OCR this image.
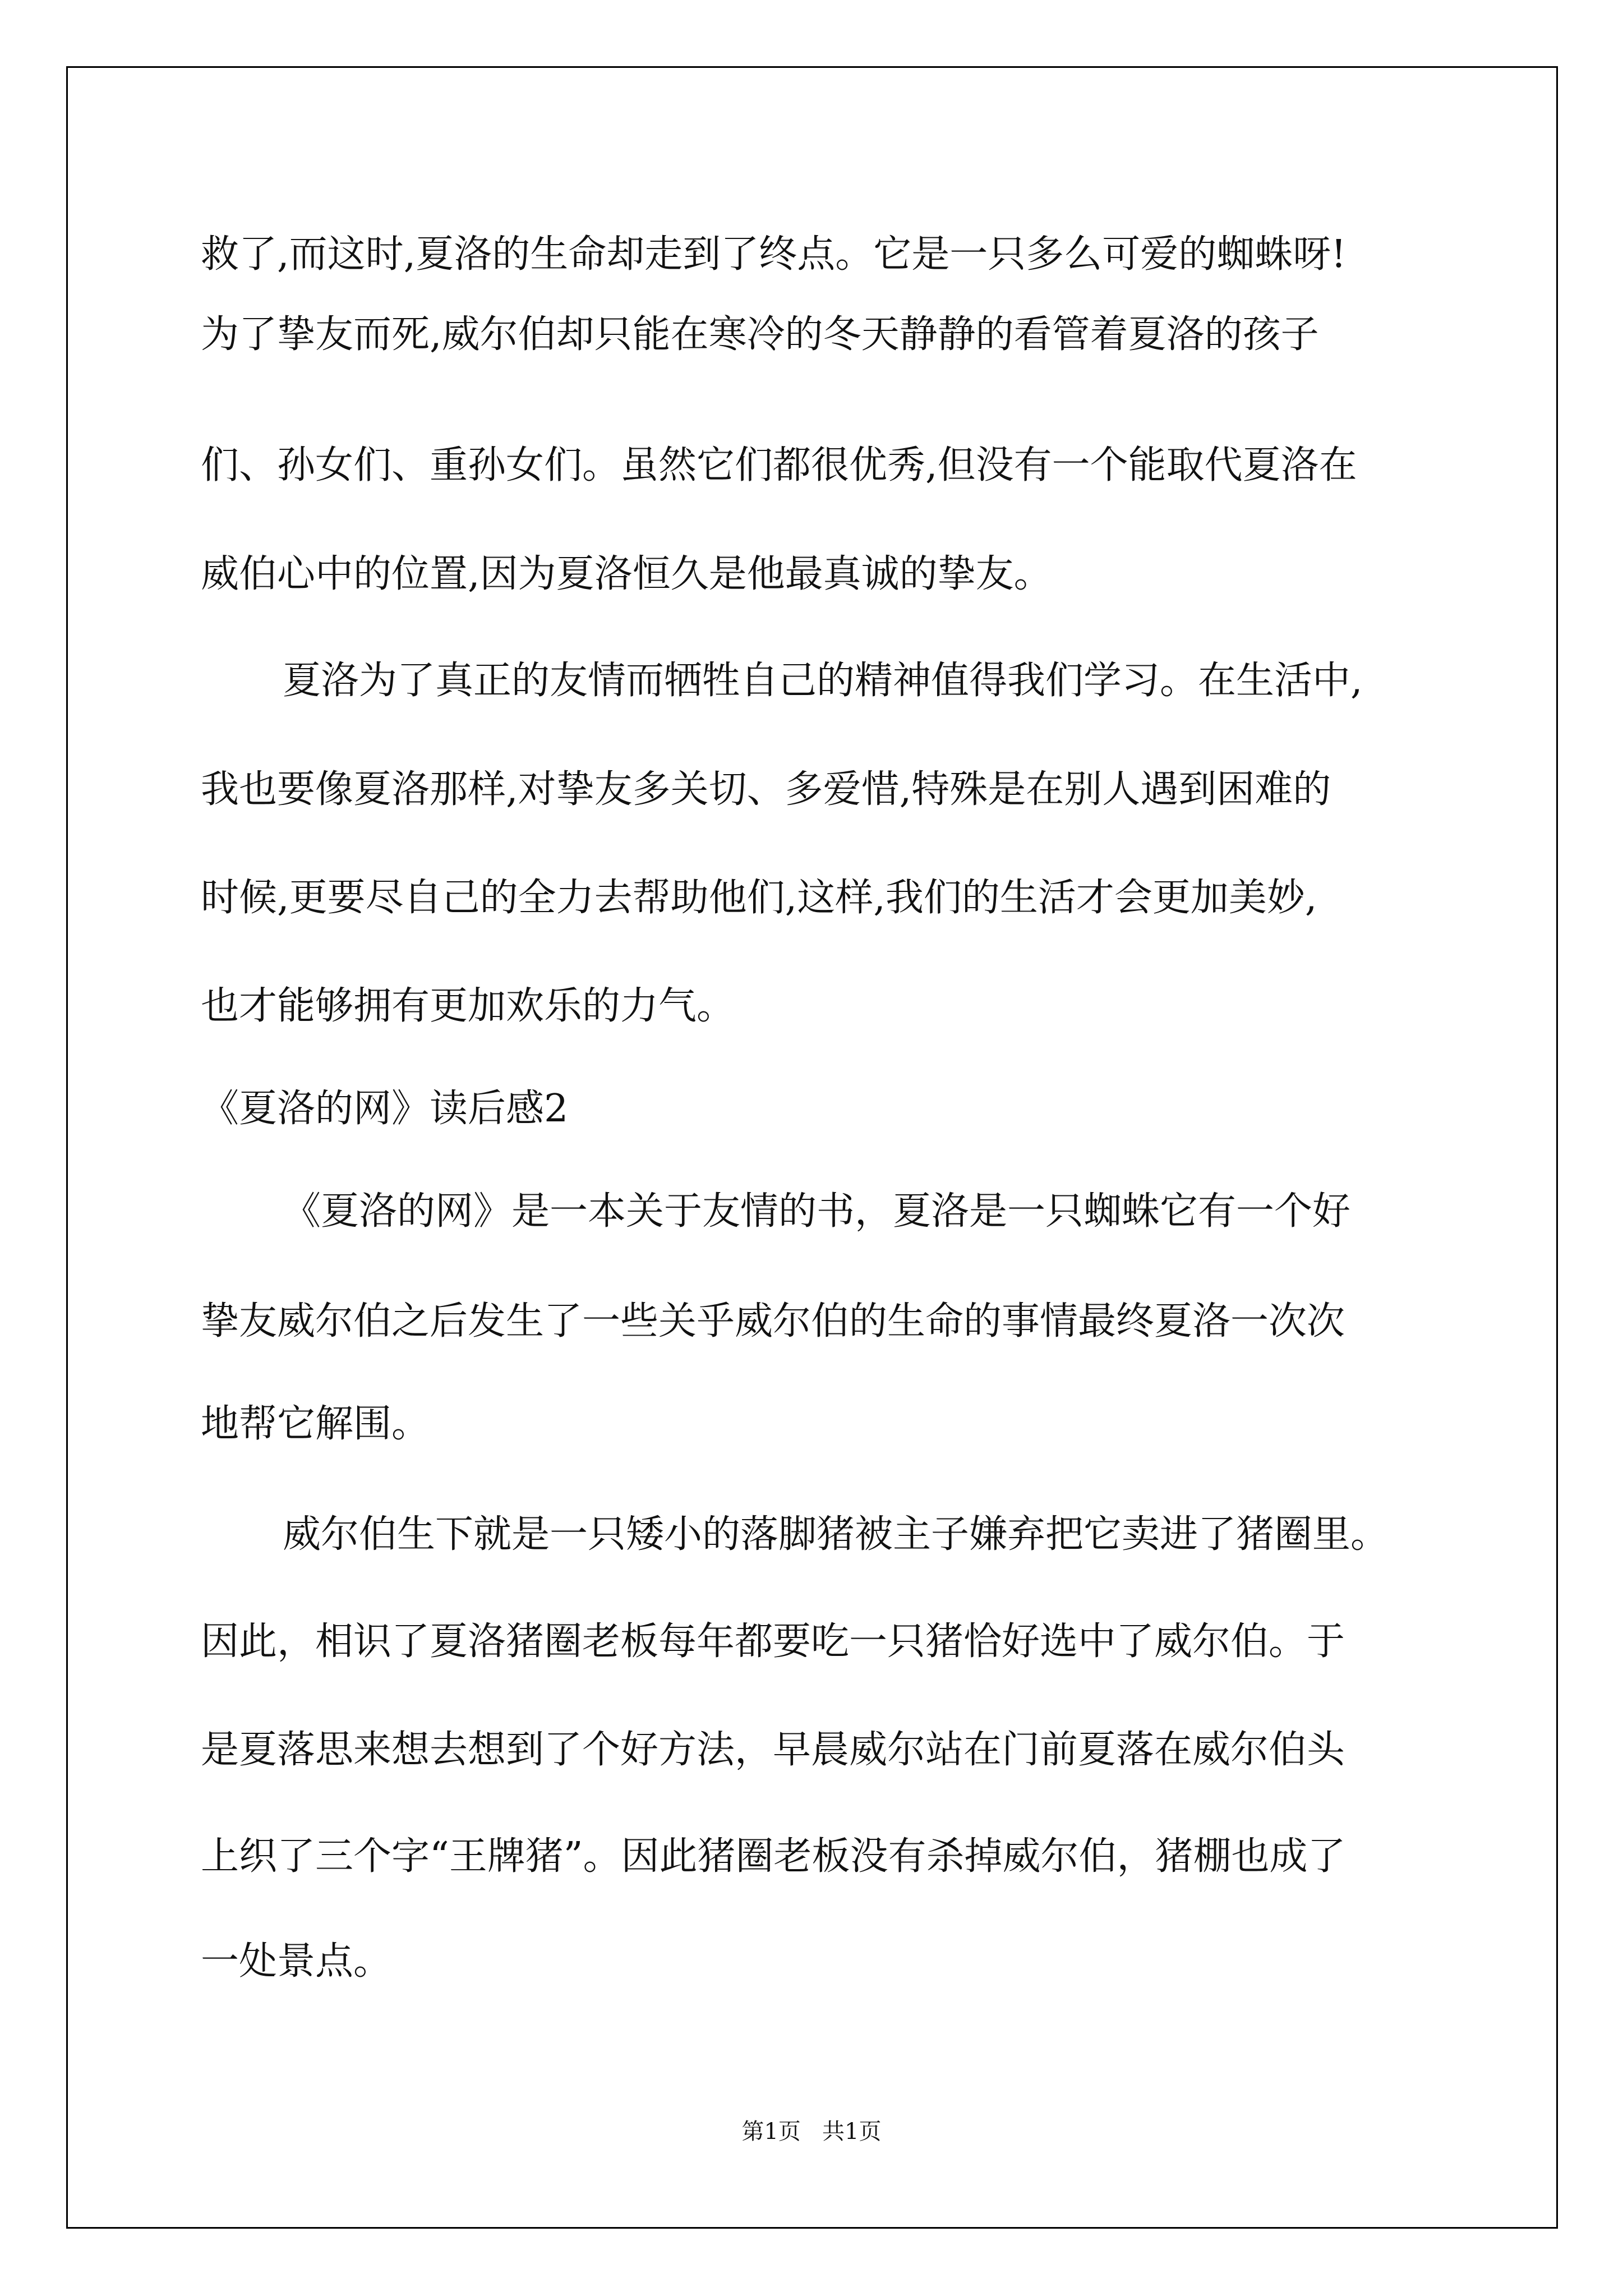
救了,而这时,夏洛的生命却走到了终点。它是一只多么可爱的蜘蛛呀!
为了挚友而死,威尔伯却只能在寒冷的冬天静静的看管着夏洛的孩子
们、孙女们、重孙女们。虽然它们都很优秀,但没有一个能取代夏洛在
威伯心中的位置,因为夏洛恒久是他最真诚的挚友。
夏洛为了真正的友情而牺牲自己的精神值得我们学习。在生活中,
我也要像夏洛那样,对挚友多关切、多爱惜,特殊是在别人遇到困难的
时候,更要尽自己的全力去帮助他们,这样,我们的生活才会更加美妙,
也才能够拥有更加欢乐的力气。
《夏洛的网》读后感2
《夏洛的网》是一本关于友情的书，夏洛是一只蜘蛛它有一个好
挚友威尔伯之后发生了一些关乎威尔伯的生命的事情最终夏洛一次次
地帮它解围。
威尔伯生下就是一只矮小的落脚猪被主子嫌弃把它卖进了猪圈里。
因此，相识了夏洛猪圈老板每年都要吃一只猪恰好选中了威尔伯。于
是夏落思来想去想到了个好方法，早晨威尔站在门前夏落在威尔伯头
上织了三个字“王牌猪”。因此猪圈老板没有杀掉威尔伯，猪棚也成了
一处景点。
第1页   共1页
